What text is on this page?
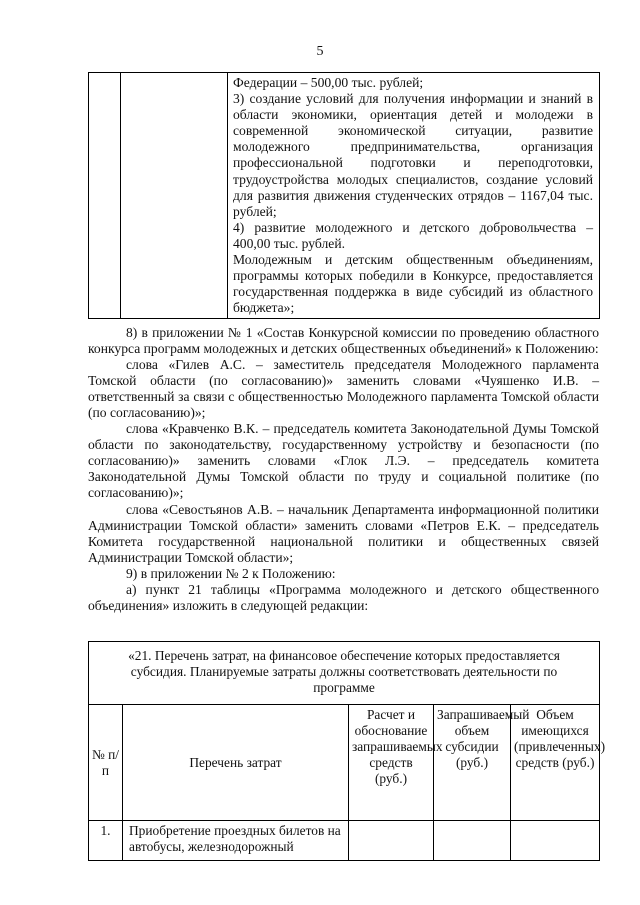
5

Федерации – 500,00 тыс. рублей;

3) создание условий для получения информации и знаний в области экономики, ориентация детей и молодежи в современной экономической ситуации, развитие молодежного предпринимательства, организация профессиональной подготовки и переподготовки, трудоустройства молодых специалистов, создание условий для развития движения студенческих отрядов – 1167,04 тыс. рублей;

4) развитие молодежного и детского добровольчества – 400,00 тыс. рублей.

Молодежным и детским общественным объединениям, программы которых победили в Конкурсе, предоставляется государственная поддержка в виде субсидий из областного бюджета»;

8) в приложении № 1 «Состав Конкурсной комиссии по проведению областного конкурса программ молодежных и детских общественных объединений» к Положению:

слова «Гилев А.С. – заместитель председателя Молодежного парламента Томской области (по согласованию)» заменить словами «Чуяшенко И.В. – ответственный за связи с общественностью Молодежного парламента Томской области (по согласованию)»;

слова «Кравченко В.К. – председатель комитета Законодательной Думы Томской области по законодательству, государственному устройству и безопасности (по согласованию)» заменить словами «Глок Л.Э. – председатель комитета Законодательной Думы Томской области по труду и социальной политике (по согласованию)»;

слова «Севостьянов А.В. – начальник Департамента информационной политики Администрации Томской области» заменить словами «Петров Е.К. – председатель Комитета государственной национальной политики и общественных связей Администрации Томской области»;

9) в приложении № 2 к Положению:

а) пункт 21 таблицы «Программа молодежного и детского общественного объединения» изложить в следующей редакции:

«21. Перечень затрат, на финансовое обеспечение которых предоставляется субсидия. Планируемые затраты должны соответствовать деятельности по программе				
№ п/п	Перечень затрат	Расчет и обоснование запрашиваемых средств (руб.)	Запрашиваемый объем субсидии (руб.)	Объем имеющихся (привлеченных) средств (руб.)
1.	Приобретение проездных билетов на автобусы, железнодорожный			
